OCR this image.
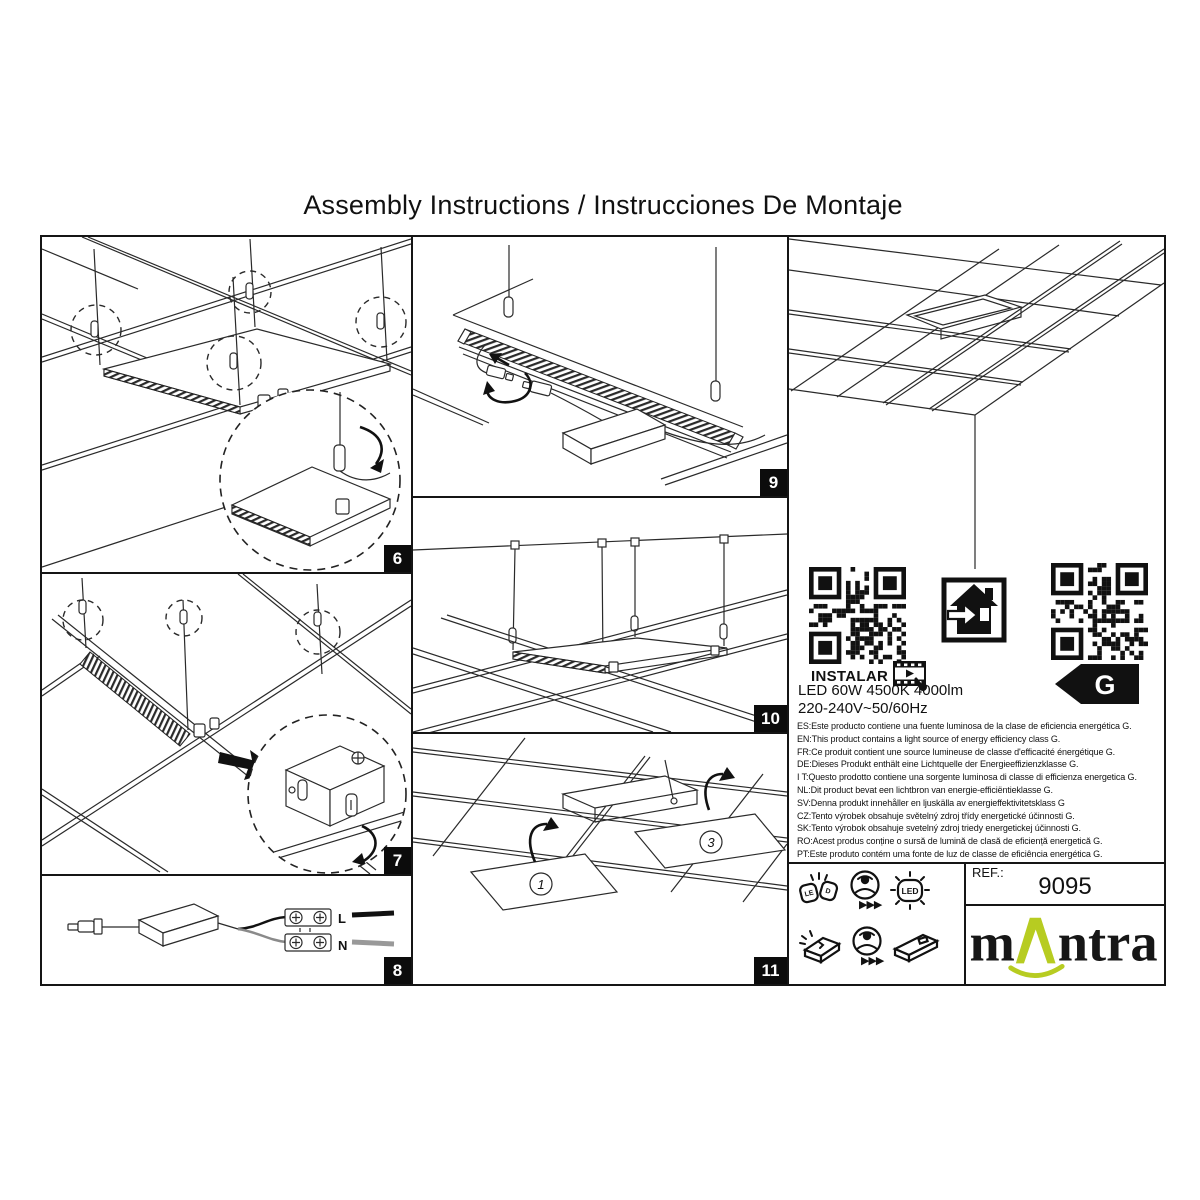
Assembly Instructions / Instrucciones De Montaje
6
7
L
N
8
9
10
1
3
11
INSTALAR	G
LED 60W 4500K 4000lm
220-240V~50/60Hz
ES:Este producto contiene una fuente luminosa de la clase de eficiencia energética G.
EN:This product contains a light source of energy efficiency class G.
FR:Ce produit contient une source lumineuse de classe d'efficacité énergétique G.
DE:Dieses Produkt enthält eine Lichtquelle der Energieeffizienzklasse G.
I T:Questo prodotto contiene una sorgente luminosa di classe di efficienza energetica G.
NL:Dit product bevat een lichtbron van energie-efficiëntieklasse G.
SV:Denna produkt innehåller en ljuskälla av energieffektivitetsklass G
CZ:Tento výrobek obsahuje světelný zdroj třídy energetické účinnosti G.
SK:Tento výrobok obsahuje svetelný zdroj triedy energetickej účinnosti G.
RO:Acest produs conține o sursă de lumină de clasă de eficiență energetică G.
PT:Este produto contém uma fonte de luz de classe de eficiência energética G.
LE D
▶▶▶
LED
▶▶▶
REF.:
9095
m ntra
